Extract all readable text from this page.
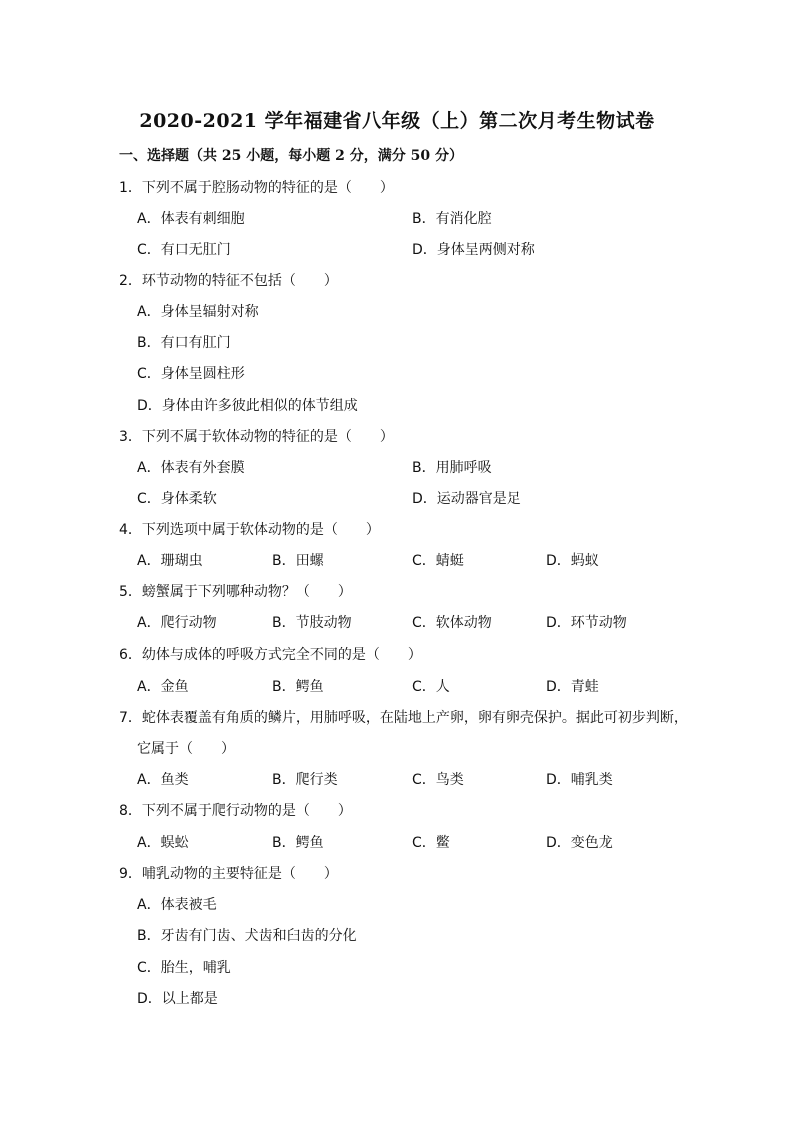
2020-2021 学年福建省八年级（上）第二次月考生物试卷
一、选择题（共 25 小题，每小题 2 分，满分 50 分）
1．下列不属于腔肠动物的特征的是（　　）
A．体表有刺细胞	B．有消化腔
C．有口无肛门	D．身体呈两侧对称
2．环节动物的特征不包括（　　）
A．身体呈辐射对称
B．有口有肛门
C．身体呈圆柱形
D．身体由许多彼此相似的体节组成
3．下列不属于软体动物的特征的是（　　）
A．体表有外套膜	B．用肺呼吸
C．身体柔软	D．运动器官是足
4．下列选项中属于软体动物的是（　　）
A．珊瑚虫	B．田螺	C．蜻蜓	D．蚂蚁
5．螃蟹属于下列哪种动物？（　　）
A．爬行动物	B．节肢动物	C．软体动物	D．环节动物
6．幼体与成体的呼吸方式完全不同的是（　　）
A．金鱼	B．鳄鱼	C．人	D．青蛙
7．蛇体表覆盖有角质的鳞片，用肺呼吸，在陆地上产卵，卵有卵壳保护。据此可初步判断，
它属于（　　）
A．鱼类	B．爬行类	C．鸟类	D．哺乳类
8．下列不属于爬行动物的是（　　）
A．蜈蚣	B．鳄鱼	C．鳖	D．变色龙
9．哺乳动物的主要特征是（　　）
A．体表被毛
B．牙齿有门齿、犬齿和臼齿的分化
C．胎生，哺乳
D．以上都是
